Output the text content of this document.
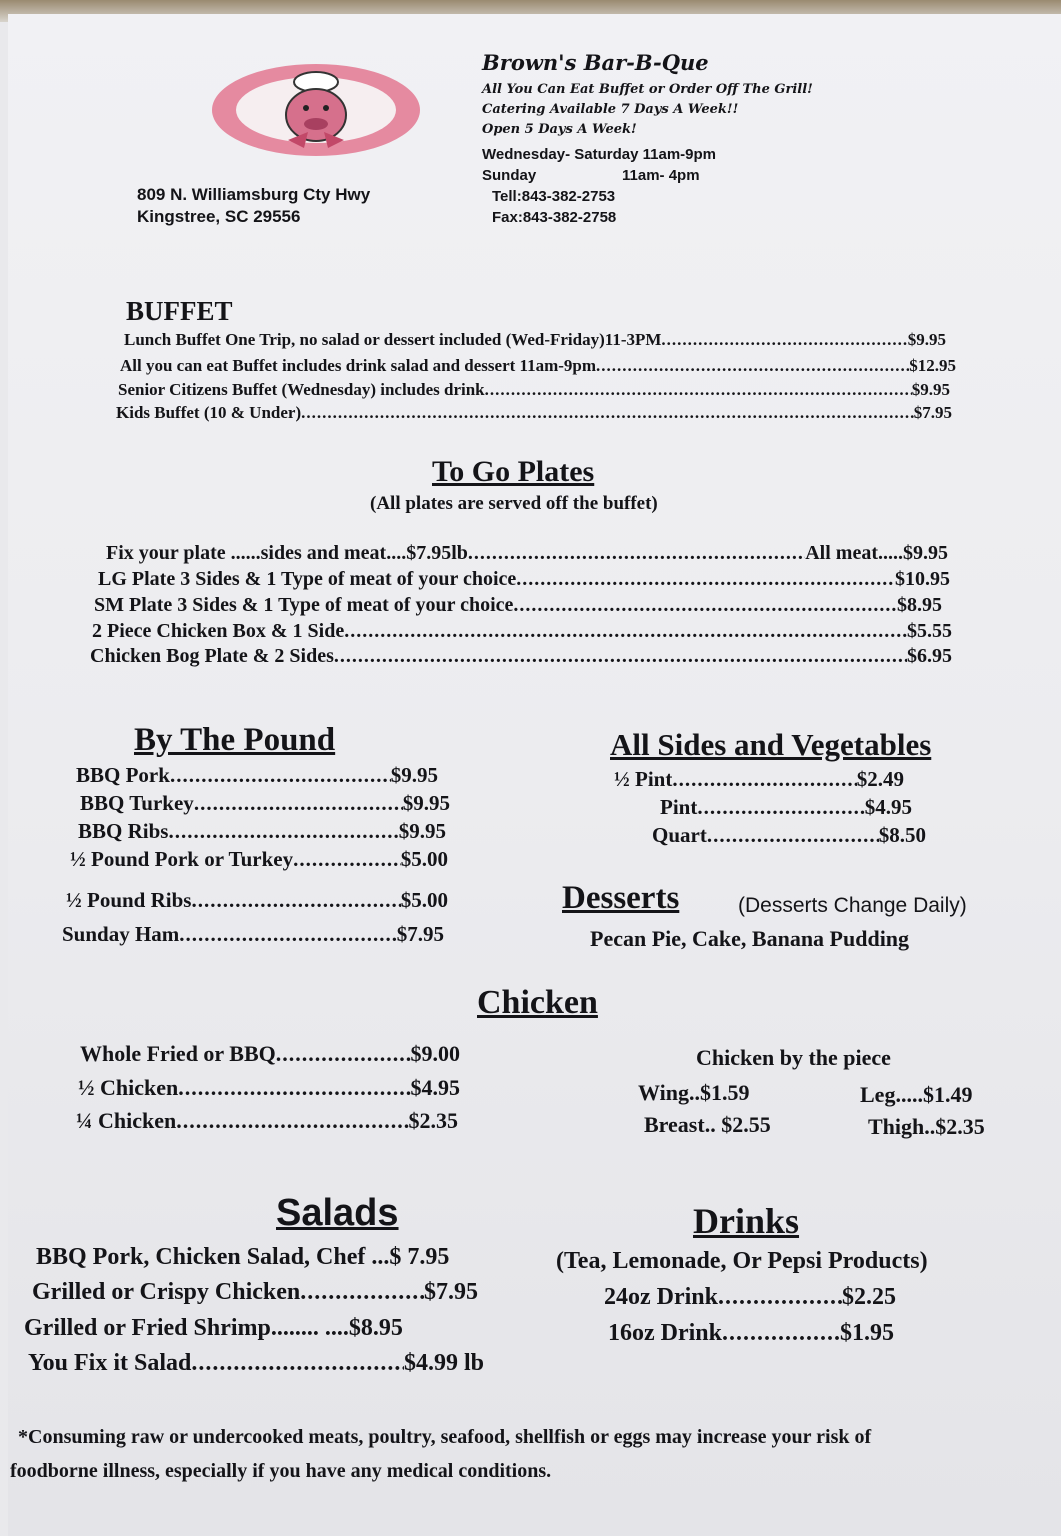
Brown's Bar-B-Que
All You Can Eat Buffet or Order Off The Grill!
Catering Available 7 Days A Week!!
Open 5 Days A Week!
Wednesday- Saturday 11am-9pm
Sunday	11am- 4pm
Tell:843-382-2753
Fax:843-382-2758
809 N. Williamsburg Cty Hwy
Kingstree, SC 29556
BUFFET
Lunch Buffet One Trip, no salad or dessert included (Wed-Friday)11-3PM .....	$9.95
All you can eat Buffet includes drink salad and dessert 11am-9pm .....	$12.95
Senior Citizens Buffet (Wednesday) includes drink .....	$9.95
Kids Buffet (10 & Under) .....	$7.95
To Go Plates
(All plates are served off the buffet)
Fix your plate ......sides and meat....$7.95lb .....	All meat..... $9.95
LG Plate 3 Sides & 1 Type of meat of your choice .....	$10.95
SM Plate 3 Sides & 1 Type of meat of your choice .....	$8.95
2 Piece Chicken Box & 1 Side .....	$5.55
Chicken Bog Plate & 2 Sides .....	$6.95
By The Pound
BBQ Pork .....	$9.95
BBQ Turkey .....	$9.95
BBQ Ribs .....	$9.95
½ Pound Pork or Turkey .....	$5.00
½ Pound Ribs .....	$5.00
Sunday Ham .....	$7.95
All Sides and Vegetables
½ Pint .....	$2.49
Pint .....	$4.95
Quart .....	$8.50
Desserts	(Desserts Change Daily)
Pecan Pie, Cake, Banana Pudding
Chicken
Whole Fried or BBQ .....	$9.00
½ Chicken .....	$4.95
¼ Chicken .....	$2.35
Chicken by the piece
Wing..$1.59	Leg.....$1.49
Breast.. $2.55	Thigh..$2.35
Salads
BBQ Pork, Chicken Salad, Chef ... $ 7.95
Grilled or Crispy Chicken .....	$7.95
Grilled or Fried Shrimp........ .... $8.95
You Fix it Salad .....	$4.99 lb
Drinks
(Tea, Lemonade, Or Pepsi Products)
24oz Drink .....	$2.25
16oz Drink .....	$1.95
*Consuming raw or undercooked meats, poultry, seafood, shellfish or eggs may increase your risk of
foodborne illness, especially if you have any medical conditions.
